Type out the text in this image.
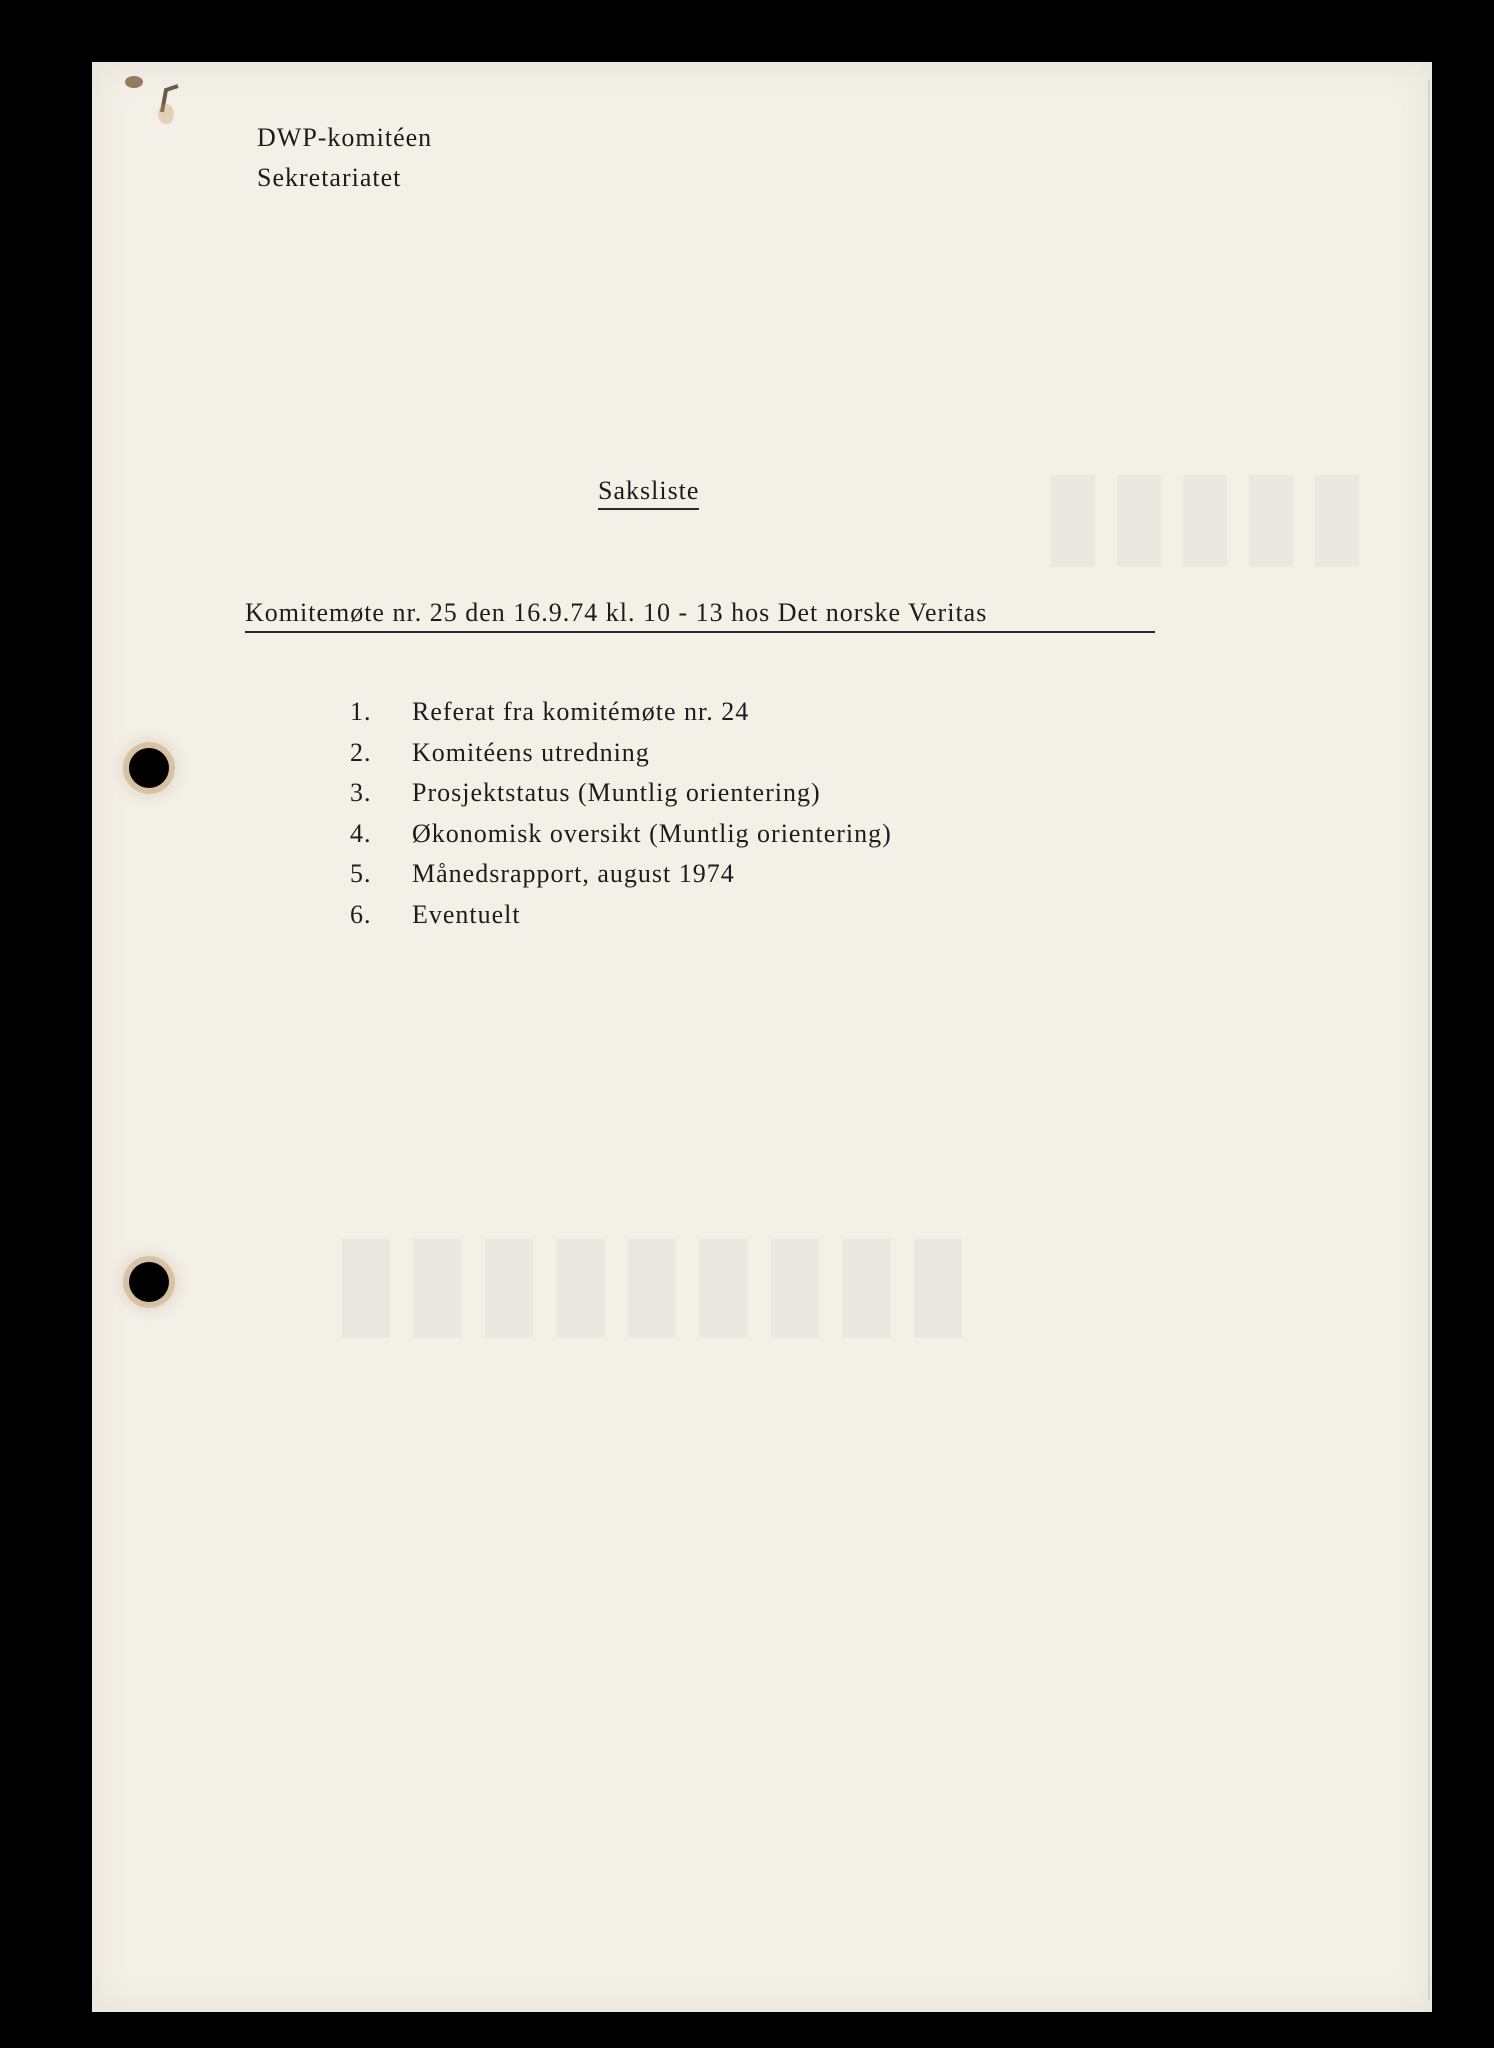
▮▮▮▮▮
▮▮▮▮▮▮▮▮▮
DWP-komitéen
Sekretariatet
Saksliste
Komitemøte nr. 25 den 16.9.74 kl. 10 - 13 hos Det norske Veritas
1. Referat fra komitémøte nr. 24
2. Komitéens utredning
3. Prosjektstatus (Muntlig orientering)
4. Økonomisk oversikt (Muntlig orientering)
5. Månedsrapport, august 1974
6. Eventuelt
